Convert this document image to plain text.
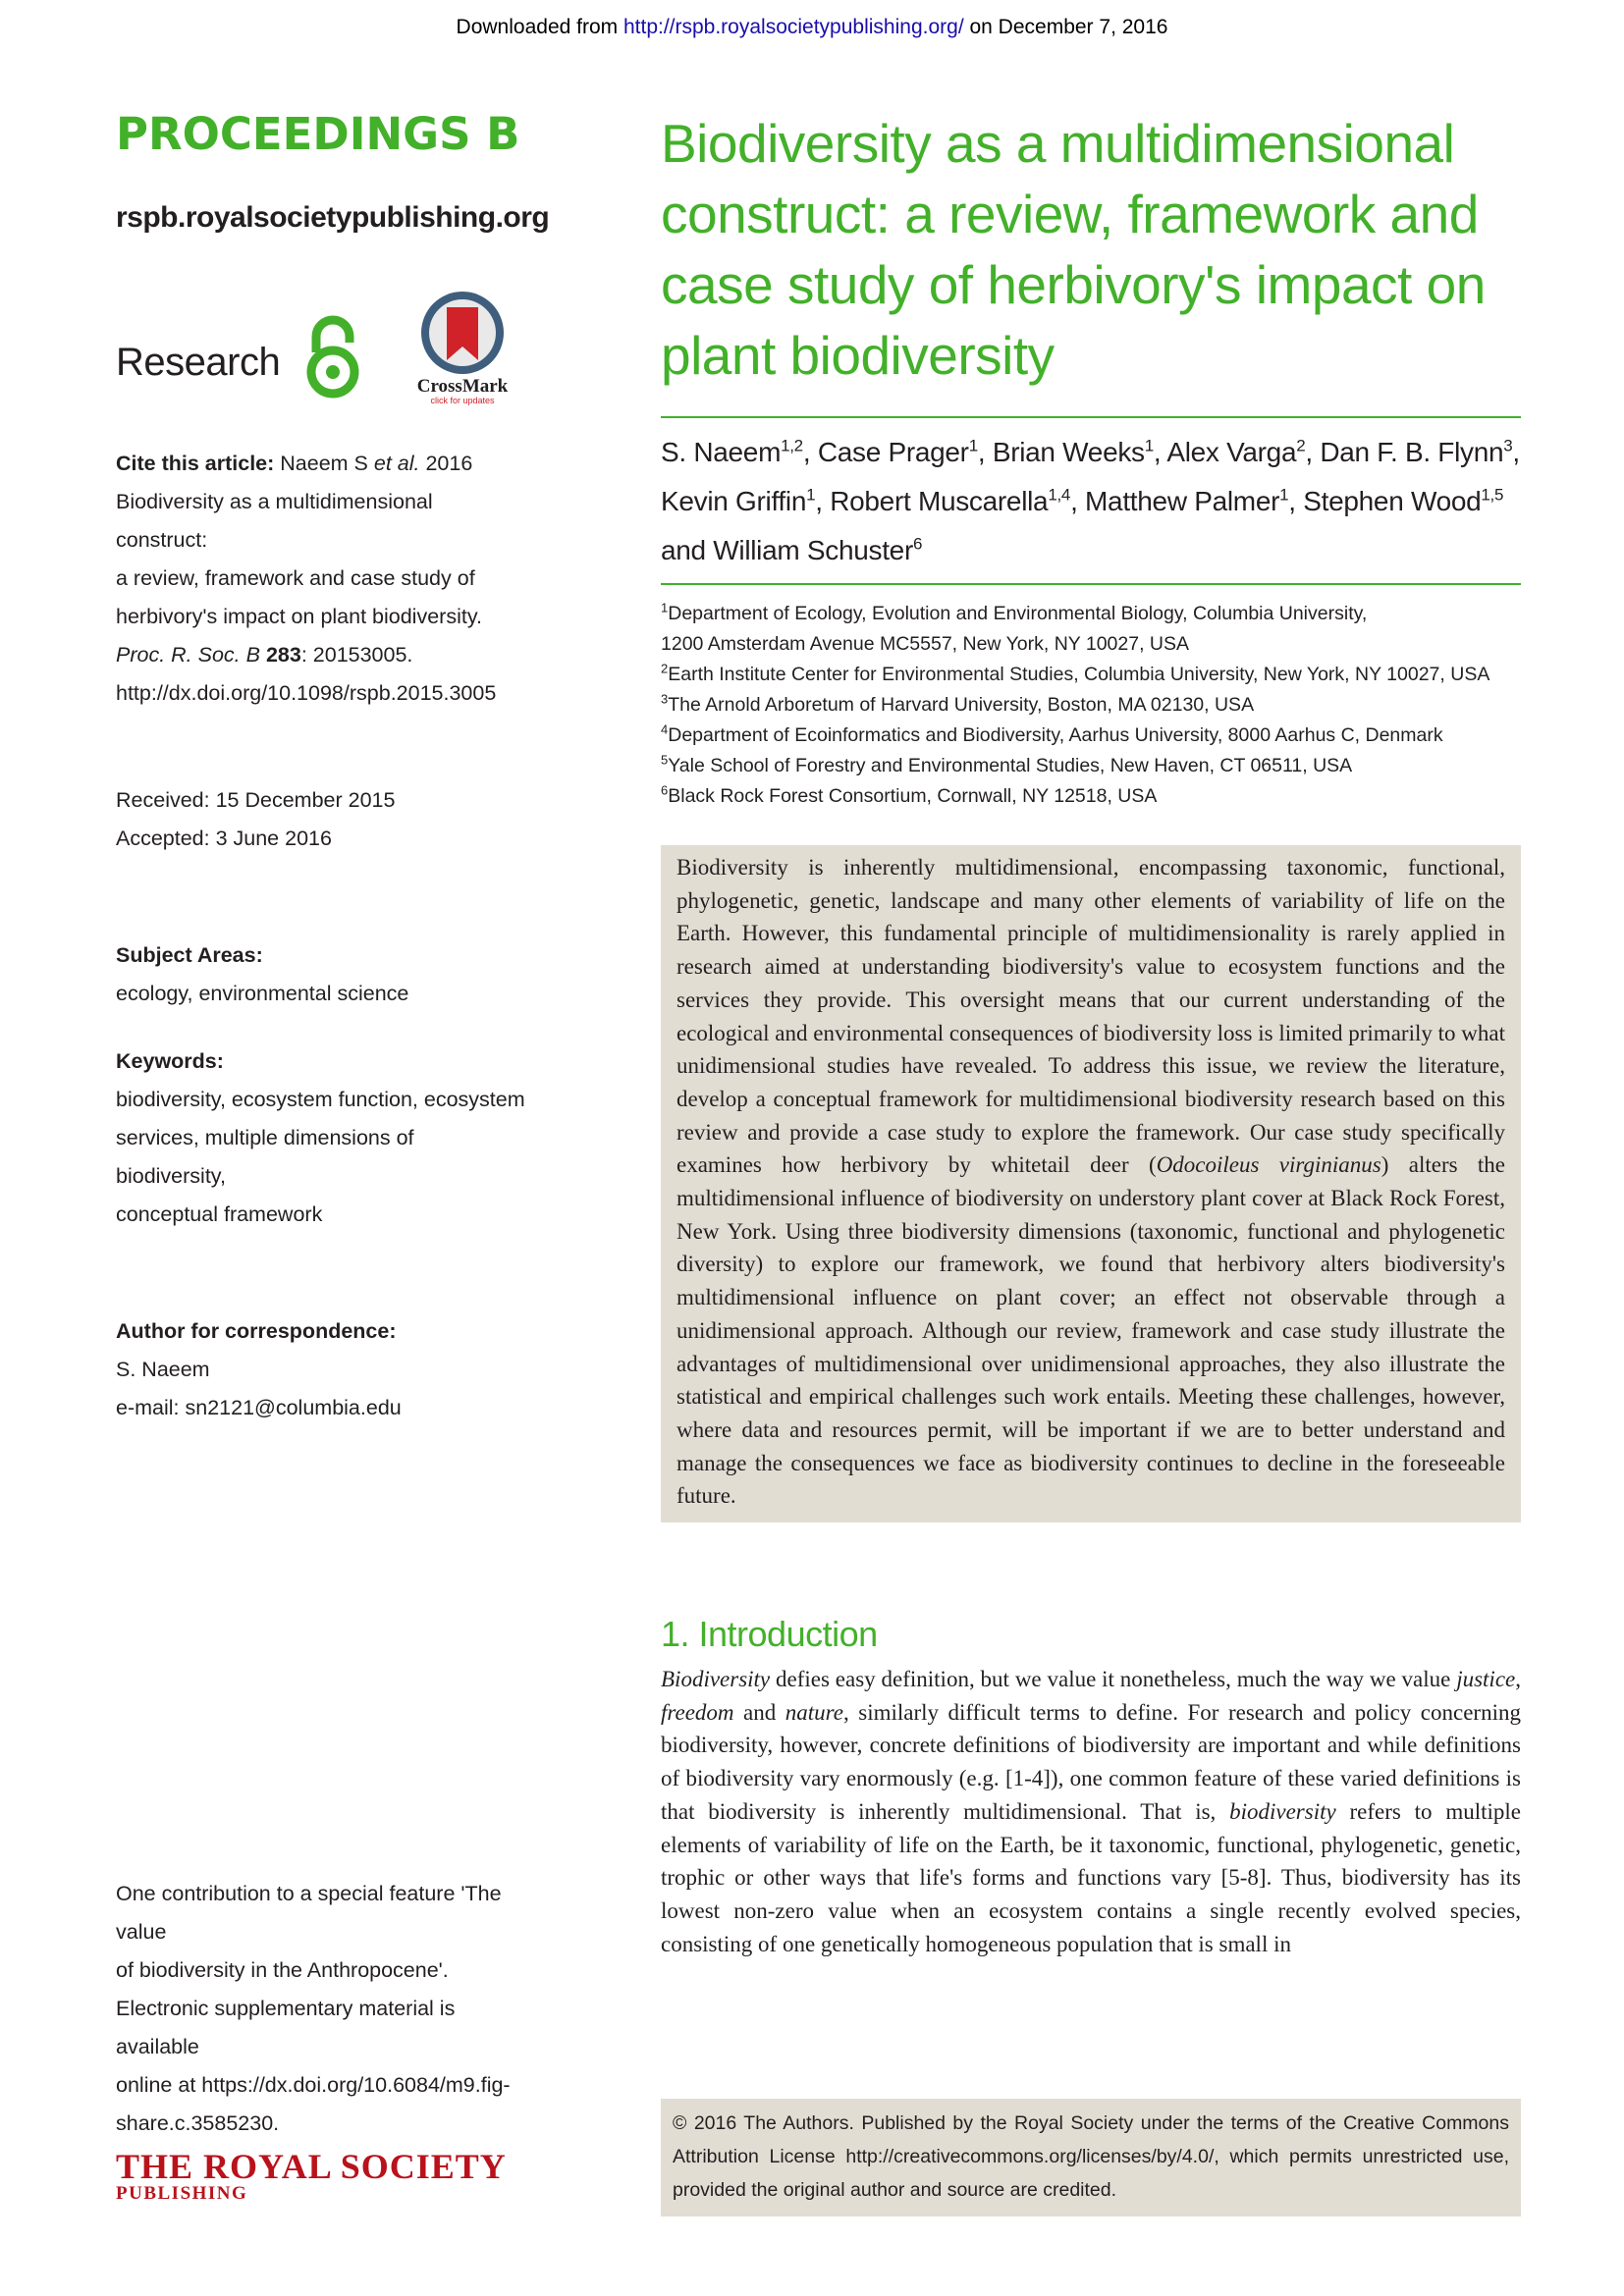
Downloaded from http://rspb.royalsocietypublishing.org/ on December 7, 2016
PROCEEDINGS B
rspb.royalsocietypublishing.org
Research
CrossMark
click for updates
Cite this article: Naeem S et al. 2016
Biodiversity as a multidimensional construct:
a review, framework and case study of
herbivory's impact on plant biodiversity.
Proc. R. Soc. B 283: 20153005.
http://dx.doi.org/10.1098/rspb.2015.3005
Received: 15 December 2015
Accepted: 3 June 2016
Subject Areas:
ecology, environmental science
Keywords:
biodiversity, ecosystem function, ecosystem
services, multiple dimensions of biodiversity,
conceptual framework
Author for correspondence:
S. Naeem
e-mail: sn2121@columbia.edu
One contribution to a special feature 'The value
of biodiversity in the Anthropocene'.
Electronic supplementary material is available
online at https://dx.doi.org/10.6084/m9.fig-
share.c.3585230.
THE ROYAL SOCIETY
PUBLISHING
Biodiversity as a multidimensional
construct: a review, framework and
case study of herbivory's impact on
plant biodiversity
S. Naeem$^{1,2}$, Case Prager$^1$, Brian Weeks$^1$, Alex Varga$^2$, Dan F. B. Flynn$^3$,
Kevin Griffin$^1$, Robert Muscarella$^{1,4}$, Matthew Palmer$^1$, Stephen Wood$^{1,5}$
and William Schuster$^6$
$^1$Department of Ecology, Evolution and Environmental Biology, Columbia University,
1200 Amsterdam Avenue MC5557, New York, NY 10027, USA
$^2$Earth Institute Center for Environmental Studies, Columbia University, New York, NY 10027, USA
$^3$The Arnold Arboretum of Harvard University, Boston, MA 02130, USA
$^4$Department of Ecoinformatics and Biodiversity, Aarhus University, 8000 Aarhus C, Denmark
$^5$Yale School of Forestry and Environmental Studies, New Haven, CT 06511, USA
$^6$Black Rock Forest Consortium, Cornwall, NY 12518, USA
Biodiversity is inherently multidimensional, encompassing taxonomic, functional, phylogenetic, genetic, landscape and many other elements of variability of life on the Earth. However, this fundamental principle of multidimensionality is rarely applied in research aimed at understanding biodiversity's value to ecosystem functions and the services they provide. This oversight means that our current understanding of the ecological and environmental consequences of biodiversity loss is limited primarily to what unidimensional studies have revealed. To address this issue, we review the literature, develop a conceptual framework for multidimensional biodiversity research based on this review and provide a case study to explore the framework. Our case study specifically examines how herbivory by whitetail deer (Odocoileus virginianus) alters the multidimensional influence of biodiversity on understory plant cover at Black Rock Forest, New York. Using three biodiversity dimensions (taxonomic, functional and phylogenetic diversity) to explore our framework, we found that herbivory alters biodiversity's multidimensional influence on plant cover; an effect not observable through a unidimensional approach. Although our review, framework and case study illustrate the advantages of multidimensional over unidimensional approaches, they also illustrate the statistical and empirical challenges such work entails. Meeting these challenges, however, where data and resources permit, will be important if we are to better understand and manage the consequences we face as biodiversity continues to decline in the foreseeable future.
1. Introduction
Biodiversity defies easy definition, but we value it nonetheless, much the way we value justice, freedom and nature, similarly difficult terms to define. For research and policy concerning biodiversity, however, concrete definitions of biodiversity are important and while definitions of biodiversity vary enormously (e.g. [1-4]), one common feature of these varied definitions is that biodiversity is inherently multidimensional. That is, biodiversity refers to multiple elements of variability of life on the Earth, be it taxonomic, functional, phylogenetic, genetic, trophic or other ways that life's forms and functions vary [5-8]. Thus, biodiversity has its lowest non-zero value when an ecosystem contains a single recently evolved species, consisting of one genetically homogeneous population that is small in
© 2016 The Authors. Published by the Royal Society under the terms of the Creative Commons Attribution License http://creativecommons.org/licenses/by/4.0/, which permits unrestricted use, provided the original author and source are credited.
